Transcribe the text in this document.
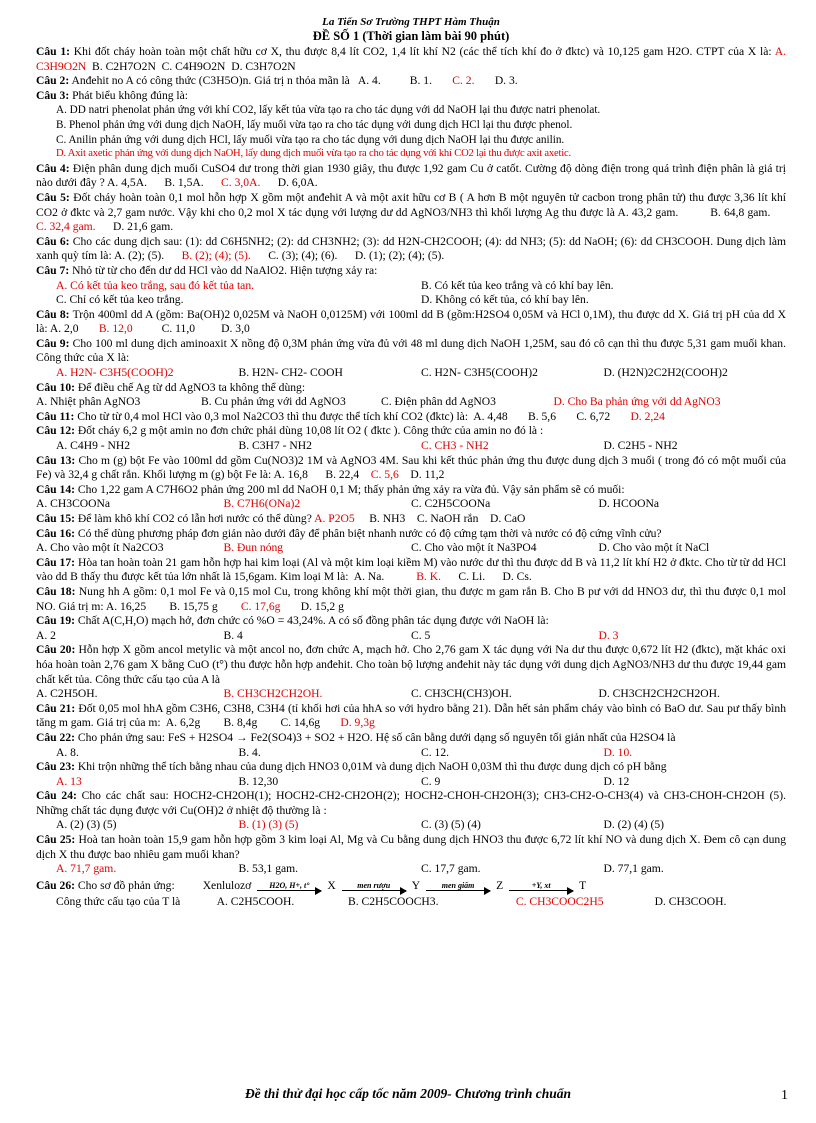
La Tiến Sơ Trường THPT Hàm Thuận
ĐỀ SỐ 1 (Thời gian làm bài 90 phút)
Câu 1: Khi đốt cháy hoàn toàn một chất hữu cơ X, thu được 8,4 lít CO2, 1,4 lít khí N2 (các thể tích khí đo ở đktc) và 10,125 gam H2O. CTPT của X là: A. C3H9O2N B. C2H7O2N C. C4H9O2N D. C3H7O2N
Câu 2: Anđehit no A có công thức (C3H5O)n. Giá trị n thỏa mãn là A. 4. B. 1. C. 2. D. 3.
Câu 3: Phát biểu không đúng là:
A. DD natri phenolat phản ứng với khí CO2, lấy kết tủa vừa tạo ra cho tác dụng với dd NaOH lại thu được natri phenolat.
B. Phenol phản ứng với dung dịch NaOH, lấy muối vừa tạo ra cho tác dụng với dung dịch HCl lại thu được phenol.
C. Anilin phản ứng với dung dịch HCl, lấy muối vừa tạo ra cho tác dụng với dung dịch NaOH lại thu được anilin.
D. Axit axetic phản ứng với dung dịch NaOH, lấy dung dịch muối vừa tạo ra cho tác dụng với khí CO2 lại thu được axit axetic.
Câu 4: Điện phân dung dịch muối CuSO4 dư trong thời gian 1930 giây, thu được 1,92 gam Cu ở catốt. Cường độ dòng điện trong quá trình điện phân là giá trị nào dưới đây ? A. 4,5A. B. 1,5A. C. 3,0A. D. 6,0A.
Câu 5: Đốt cháy hoàn toàn 0,1 mol hỗn hợp X gồm một anđehit A và một axit hữu cơ B ( A hơn B một nguyên tử cacbon trong phân tử) thu được 3,36 lít khí CO2 ở đktc và 2,7 gam nước. Vậy khi cho 0,2 mol X tác dụng với lượng dư dd AgNO3/NH3 thì khối lượng Ag thu được là A. 43,2 gam.	B. 64,8 gam.      C. 32,4 gam. D. 21,6 gam.
Câu 6: Cho các dung dịch sau: (1): dd C6H5NH2; (2): dd CH3NH2; (3): dd H2N-CH2COOH; (4): dd NH3; (5): dd NaOH; (6): dd CH3COOH. Dung dịch làm xanh quỳ tím là: A. (2); (5). B. (2); (4); (5). C. (3); (4); (6). D. (1); (2); (4); (5).
Câu 7: Nhỏ từ từ cho đến dư dd HCl vào dd NaAlO2. Hiện tượng xảy ra:
A. Có kết tủa keo trắng, sau đó kết tủa tan.	B. Có kết tủa keo trắng và có khí bay lên.
C. Chỉ có kết tủa keo trắng.	D. Không có kết tủa, có khí bay lên.
Câu 8: Trộn 400ml dd A (gồm: Ba(OH)2 0,025M và NaOH 0,0125M) với 100ml dd B (gồm:H2SO4 0,05M và HCl 0,1M), thu được dd X. Giá trị pH của dd X là: A. 2,0 B. 12,0 C. 11,0 D. 3,0
Câu 9: Cho 100 ml dung dịch aminoaxit X nồng độ 0,3M phản ứng vừa đủ với 48 ml dung dịch NaOH 1,25M, sau đó cô cạn thì thu được 5,31 gam muối khan. Công thức của X là:
A. H2N- C3H5(COOH)2	B. H2N- CH2- COOH	C. H2N- C3H5(COOH)2	D. (H2N)2C2H2(COOH)2
Câu 10: Để điều chế Ag từ dd AgNO3 ta không thể dùng:
A. Nhiệt phân AgNO3	B. Cu phản ứng với dd AgNO3	C. Điện phân dd AgNO3	D. Cho Ba phản ứng với dd AgNO3
Câu 11: Cho từ từ 0,4 mol HCl vào 0,3 mol Na2CO3 thì thu được thể tích khí CO2 (đktc) là: A. 4,48 B. 5,6 C. 6,72 D. 2,24
Câu 12: Đốt cháy 6,2 g một amin no đơn chức phải dùng 10,08 lít O2 ( đktc ). Công thức của amin no đó là :
A. C4H9 - NH2	B. C3H7 - NH2	C. CH3 - NH2	D. C2H5 - NH2
Câu 13: Cho m (g) bột Fe vào 100ml dd gồm Cu(NO3)2 1M và AgNO3 4M. Sau khi kết thúc phản ứng thu được dung dịch 3 muối ( trong đó có một muối của Fe) và 32,4 g chất rắn. Khối lượng m (g) bột Fe là: A. 16,8 B. 22,4 C. 5,6 D. 11,2
Câu 14: Cho 1,22 gam A C7H6O2 phản ứng 200 ml dd NaOH 0,1 M; thấy phản ứng xảy ra vừa đủ. Vậy sản phẩm sẽ có muối:
A. CH3COONa	B. C7H6(ONa)2	C. C2H5COONa	D. HCOONa
Câu 15: Để làm khô khí CO2 có lẫn hơi nước có thể dùng? A. P2O5 B. NH3 C. NaOH rắn D. CaO
Câu 16: Có thể dùng phương pháp đơn giản nào dưới đây để phân biệt nhanh nước có độ cứng tạm thời và nước có độ cứng vĩnh cửu?
A. Cho vào một ít Na2CO3	B. Đun nóng	C. Cho vào một ít Na3PO4	D. Cho vào một ít NaCl
Câu 17: Hòa tan hoàn toàn 21 gam hỗn hợp hai kim loại (Al và một kim loại kiềm M) vào nước dư thì thu được dd B và 11,2 lít khí H2 ở đktc. Cho từ từ dd HCl vào dd B thấy thu được kết tủa lớn nhất là 15,6gam. Kim loại M là: A. Na.	B. K. C. Li. D. Cs.
Câu 18: Nung hh A gồm: 0,1 mol Fe và 0,15 mol Cu, trong không khí một thời gian, thu được m gam rắn B. Cho B pư với dd HNO3 dư, thì thu được 0,1 mol NO. Giá trị m: A. 16,25 B. 15,75 g C. 17,6g D. 15,2 g
Câu 19: Chất A(C,H,O) mạch hở, đơn chức có %O = 43,24%. A có số đồng phân tác dụng được với NaOH là:
A. 2	B. 4	C. 5	D. 3
Câu 20: Hỗn hợp X gồm ancol metylic và một ancol no, đơn chức A, mạch hở. Cho 2,76 gam X tác dụng với Na dư thu được 0,672 lít H2 (đktc), mặt khác oxi hóa hoàn toàn 2,76 gam X bằng CuO (t°) thu được hỗn hợp anđehit. Cho toàn bộ lượng anđehit này tác dụng với dung dịch AgNO3/NH3 dư thu được 19,44 gam chất kết tủa. Công thức cấu tạo của A là
A. C2H5OH.	B. CH3CH2CH2OH.	C. CH3CH(CH3)OH.	D. CH3CH2CH2CH2OH.
Câu 21: Đốt 0,05 mol hhA gồm C3H6, C3H8, C3H4 (tỉ khối hơi của hhA so với hydro bằng 21). Dẫn hết sản phẩm cháy vào bình có BaO dư. Sau pư thấy bình tăng m gam. Giá trị của m: A. 6,2g B. 8,4g C. 14,6g D. 9,3g
Câu 22: Cho phản ứng sau: FeS + H2SO4 → Fe2(SO4)3 + SO2 + H2O. Hệ số cân bằng dưới dạng số nguyên tối giản nhất của H2SO4 là
A. 8.	B. 4.	C. 12.	D. 10.
Câu 23: Khi trộn những thể tích bằng nhau của dung dịch HNO3 0,01M và dung dịch NaOH 0,03M thì thu được dung dịch có pH bằng
A. 13	B. 12,30	C. 9	D. 12
Câu 24: Cho các chất sau: HOCH2-CH2OH(1); HOCH2-CH2-CH2OH(2); HOCH2-CHOH-CH2OH(3); CH3-CH2-O-CH3(4) và CH3-CHOH-CH2OH (5). Những chất tác dụng được với Cu(OH)2 ở nhiệt độ thường là :
A. (2) (3) (5)	B. (1) (3) (5)	C. (3) (5) (4)	D. (2) (4) (5)
Câu 25: Hoà tan hoàn toàn 15,9 gam hỗn hợp gồm 3 kim loại Al, Mg và Cu bằng dung dịch HNO3 thu được 6,72 lít khí NO và dung dịch X. Đem cô cạn dung dịch X thu được bao nhiêu gam muối khan?
A. 71,7 gam.	B. 53,1 gam.	C. 17,7 gam.	D. 77,1 gam.
Câu 26:
Cho sơ đồ phản ứng: Xenlulozơ H2O, H+, t° X	men rượu Y	men giấm Z	+Y, xt T
Công thức cấu tạo của T là	A. C2H5COOH.	B. C2H5COOCH3.	C. CH3COOC2H5	D. CH3COOH.
Đề thi thử đại học cấp tốc năm 2009- Chương trình chuẩn	1
